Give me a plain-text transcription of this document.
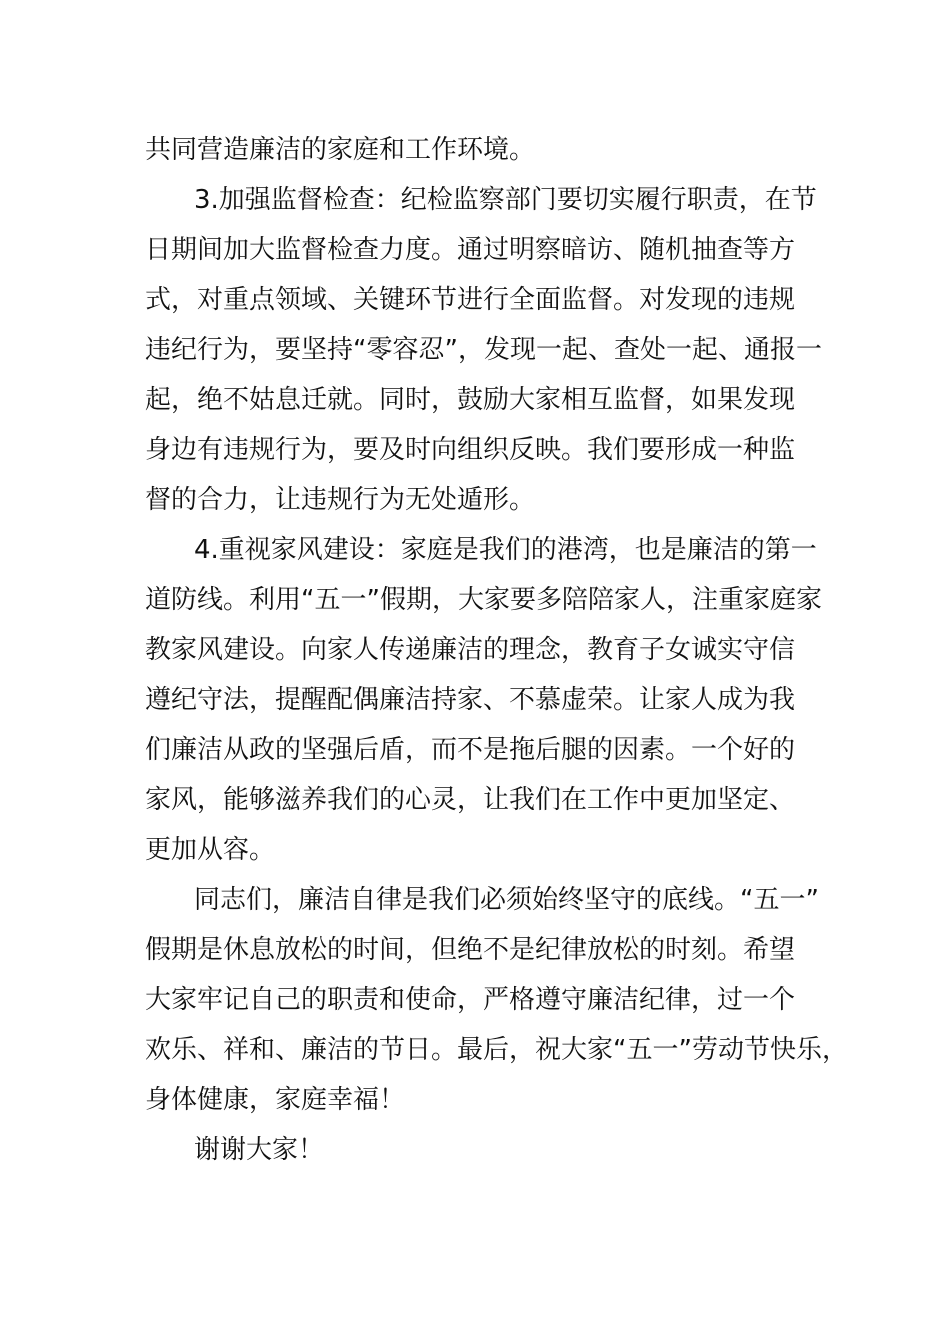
共同营造廉洁的家庭和工作环境。

3.加强监督检查：纪检监察部门要切实履行职责，在节

日期间加大监督检查力度。通过明察暗访、随机抽查等方

式，对重点领域、关键环节进行全面监督。对发现的违规

违纪行为，要坚持“零容忍”，发现一起、查处一起、通报一

起，绝不姑息迁就。同时，鼓励大家相互监督，如果发现

身边有违规行为，要及时向组织反映。我们要形成一种监

督的合力，让违规行为无处遁形。

4.重视家风建设：家庭是我们的港湾，也是廉洁的第一

道防线。利用“五一”假期，大家要多陪陪家人，注重家庭家

教家风建设。向家人传递廉洁的理念，教育子女诚实守信

遵纪守法，提醒配偶廉洁持家、不慕虚荣。让家人成为我

们廉洁从政的坚强后盾，而不是拖后腿的因素。一个好的

家风，能够滋养我们的心灵，让我们在工作中更加坚定、

更加从容。

同志们，廉洁自律是我们必须始终坚守的底线。“五一”

假期是休息放松的时间，但绝不是纪律放松的时刻。希望

大家牢记自己的职责和使命，严格遵守廉洁纪律，过一个

欢乐、祥和、廉洁的节日。最后，祝大家“五一”劳动节快乐，

身体健康，家庭幸福！

谢谢大家！
